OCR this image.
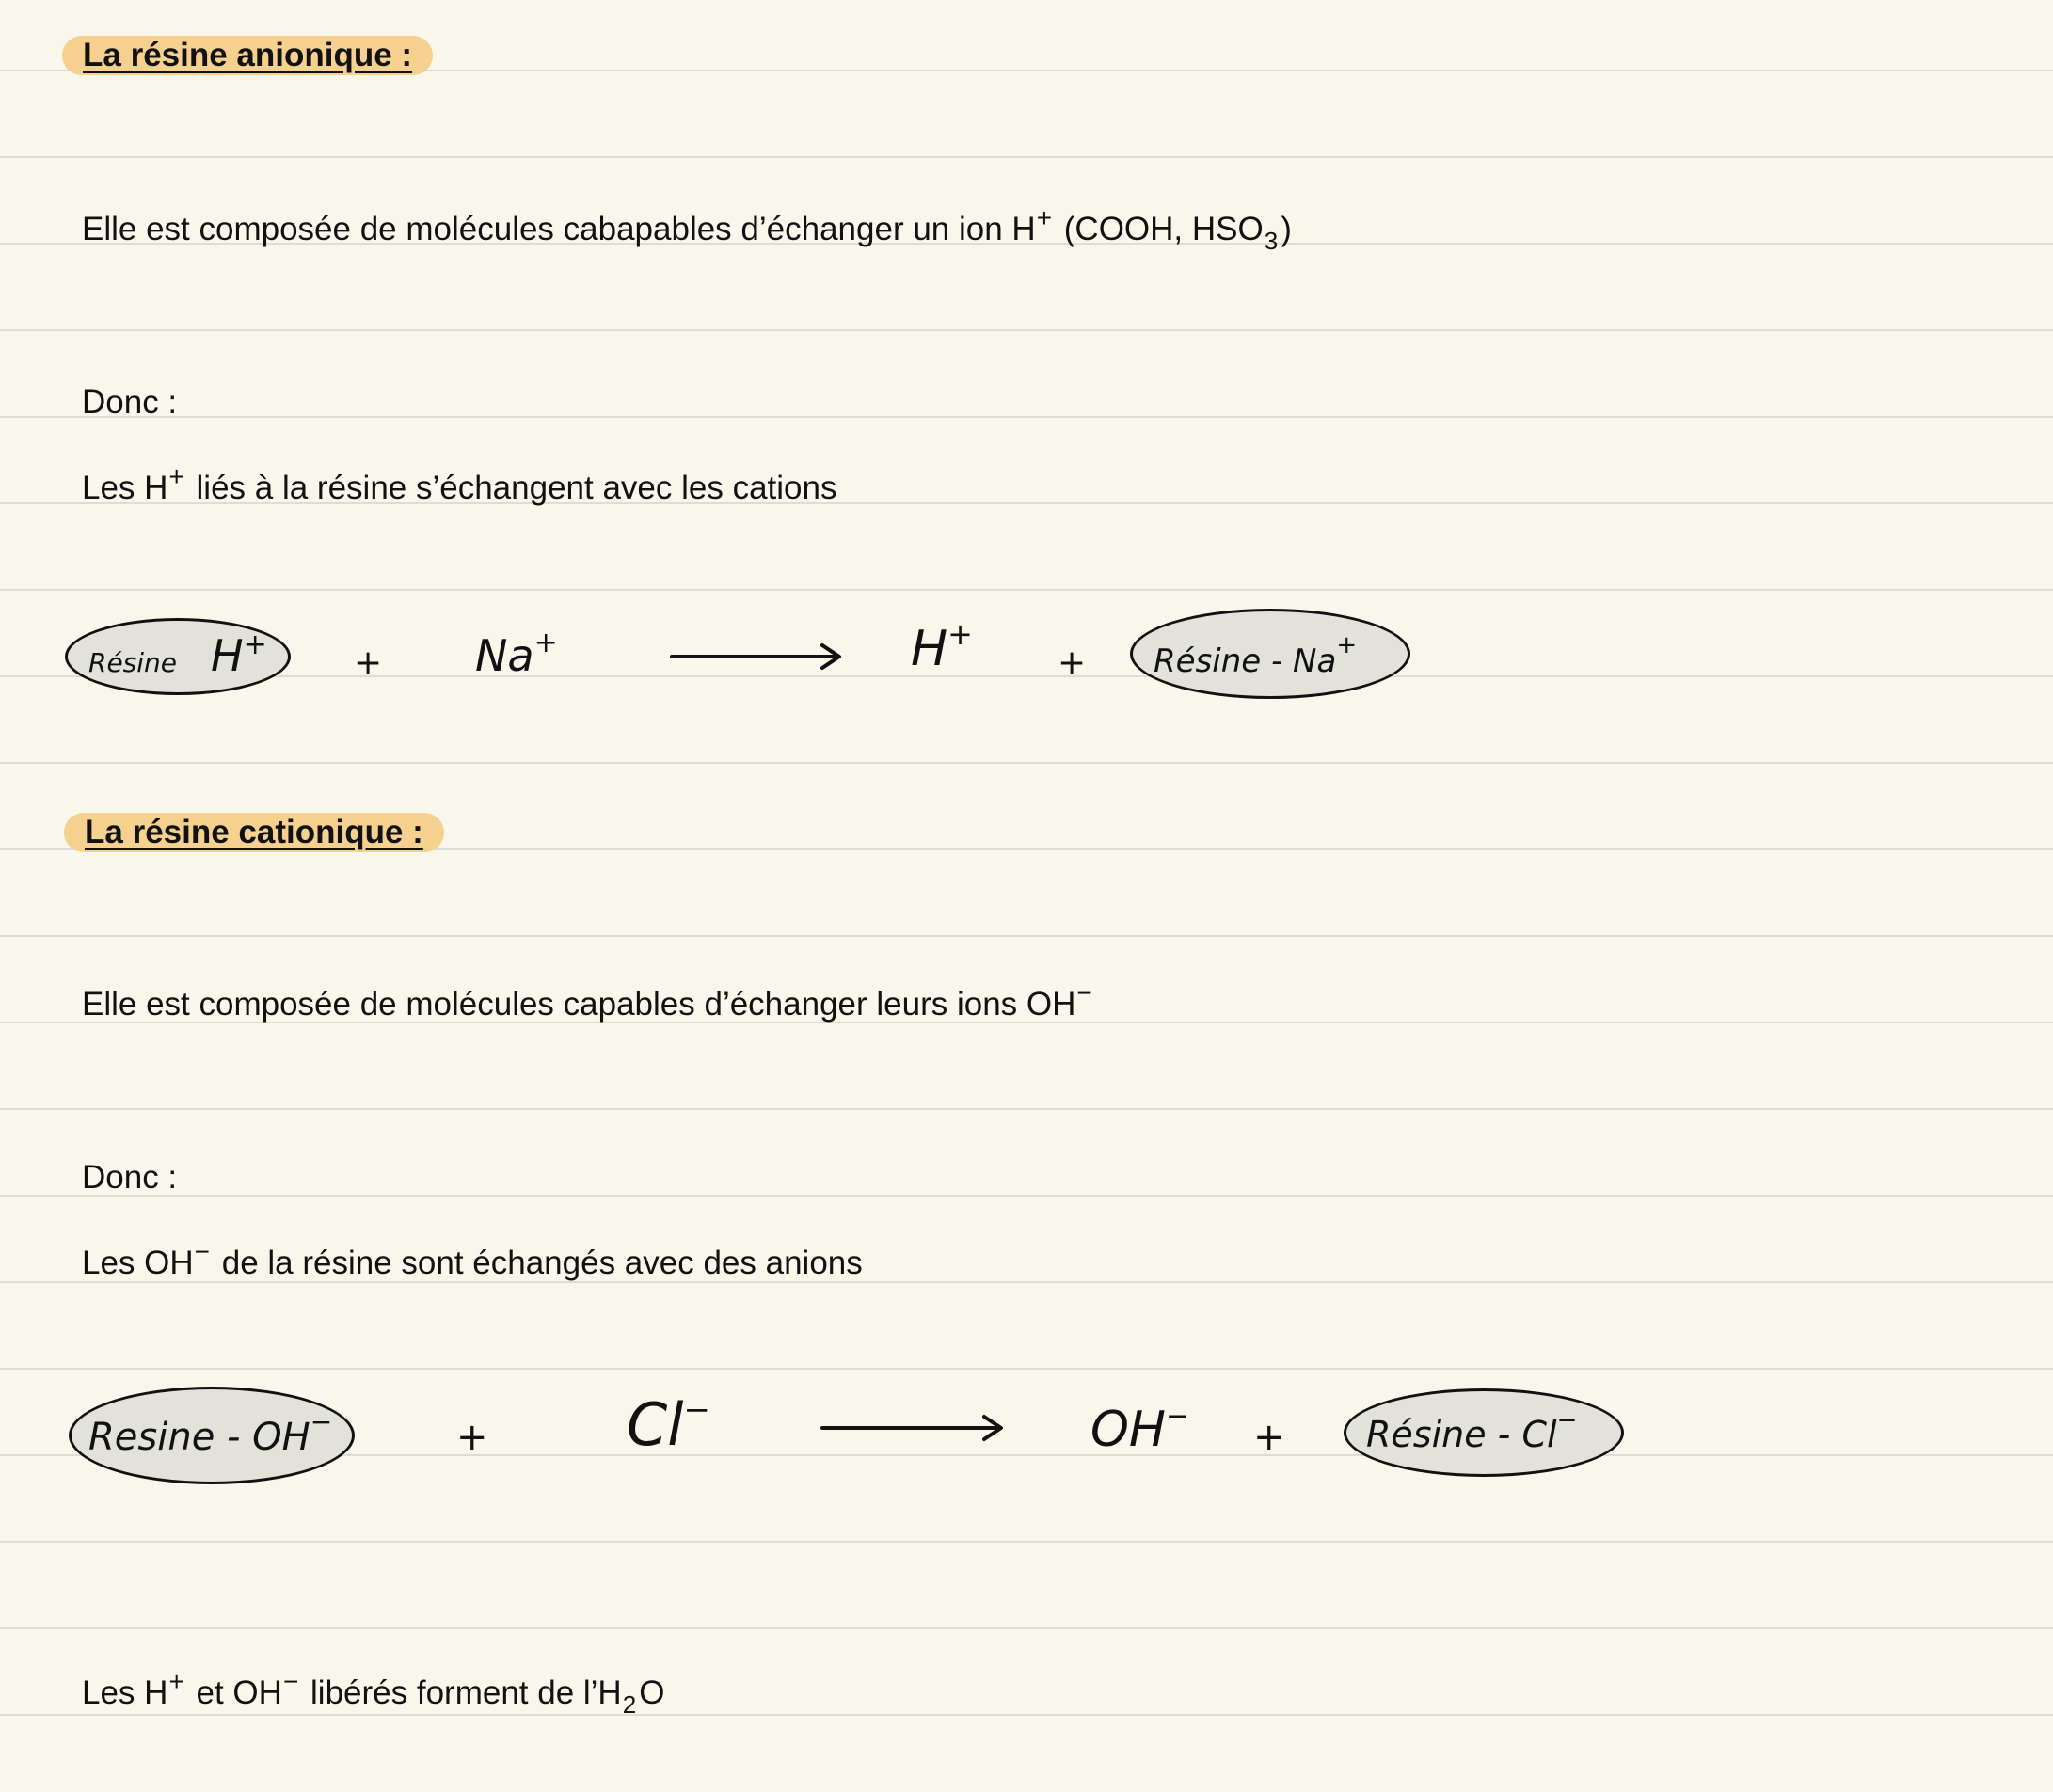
La résine anionique :
Elle est composée de molécules cabapables d’échanger un ion H+ (COOH, $HSO_3$)
Donc :
Les H+ liés à la résine s’échangent avec les cations
Résine H+	+ Na+	H+
+ Résine - Na+
La résine cationique :
Elle est composée de molécules capables d’échanger leurs ions OH−
Donc :
Les OH− de la résine sont échangés avec des anions
Resine - OH−	+ Cl−	OH− + Résine - Cl−
Les H+ et OH− libérés forment de $l’H_2O$
